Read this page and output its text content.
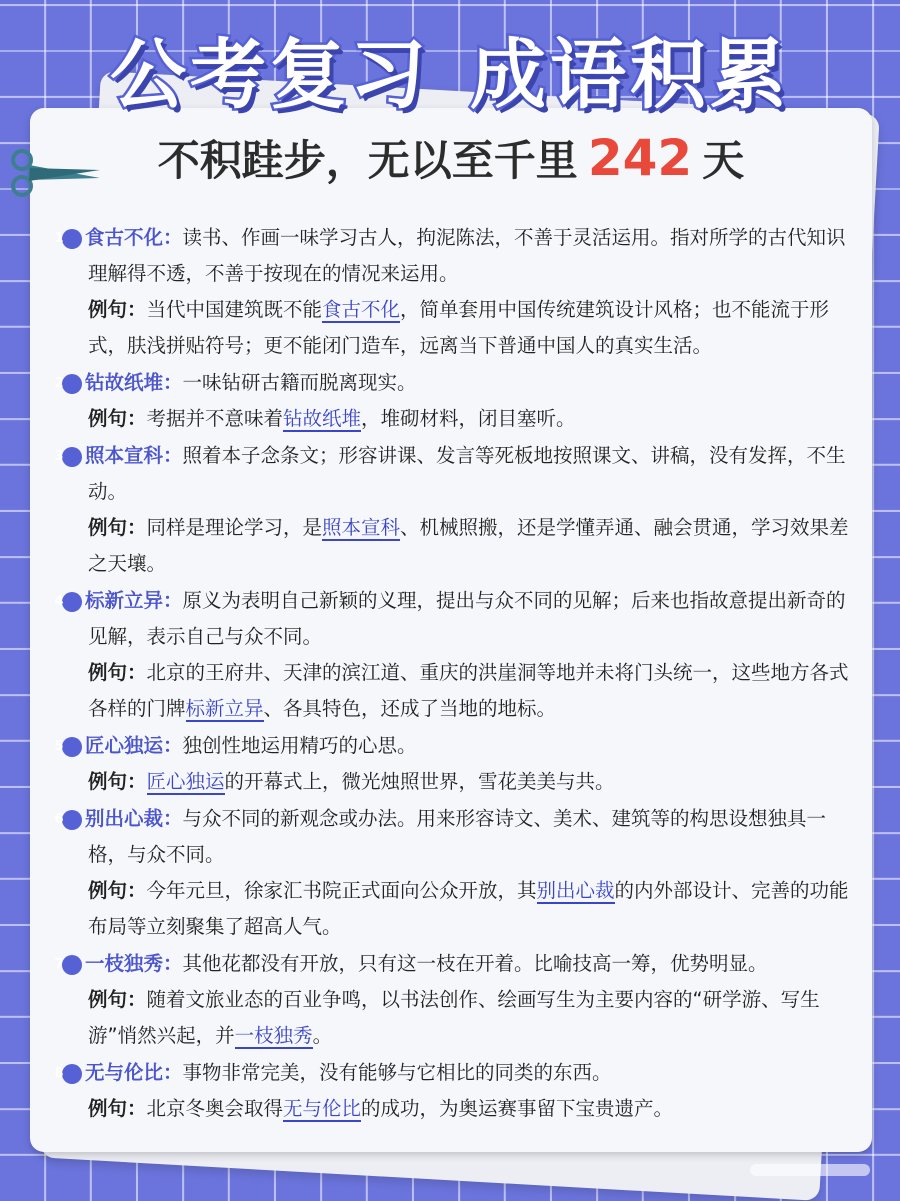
公考复习 成语积累
不积跬步，无以至千里 242 天
1 食古不化：读书、作画一味学习古人，拘泥陈法，不善于灵活运用。指对所学的古代知识理解得不透，不善于按现在的情况来运用。
例句：当代中国建筑既不能食古不化，简单套用中国传统建筑设计风格；也不能流于形式，肤浅拼贴符号；更不能闭门造车，远离当下普通中国人的真实生活。
2 钻故纸堆：一味钻研古籍而脱离现实。
例句：考据并不意味着钻故纸堆，堆砌材料，闭目塞听。
3 照本宣科：照着本子念条文；形容讲课、发言等死板地按照课文、讲稿，没有发挥，不生动。
例句：同样是理论学习，是照本宣科、机械照搬，还是学懂弄通、融会贯通，学习效果差之天壤。
4 标新立异：原义为表明自己新颖的义理，提出与众不同的见解；后来也指故意提出新奇的见解，表示自己与众不同。
例句：北京的王府井、天津的滨江道、重庆的洪崖洞等地并未将门头统一，这些地方各式各样的门牌标新立异、各具特色，还成了当地的地标。
5 匠心独运：独创性地运用精巧的心思。
例句：匠心独运的开幕式上，微光烛照世界，雪花美美与共。
6 别出心裁：与众不同的新观念或办法。用来形容诗文、美术、建筑等的构思设想独具一格，与众不同。
例句：今年元旦，徐家汇书院正式面向公众开放，其别出心裁的内外部设计、完善的功能布局等立刻聚集了超高人气。
7 一枝独秀：其他花都没有开放，只有这一枝在开着。比喻技高一筹，优势明显。
例句：随着文旅业态的百业争鸣，以书法创作、绘画写生为主要内容的“研学游、写生游”悄然兴起，并一枝独秀。
8 无与伦比：事物非常完美，没有能够与它相比的同类的东西。
例句：北京冬奥会取得无与伦比的成功，为奥运赛事留下宝贵遗产。
